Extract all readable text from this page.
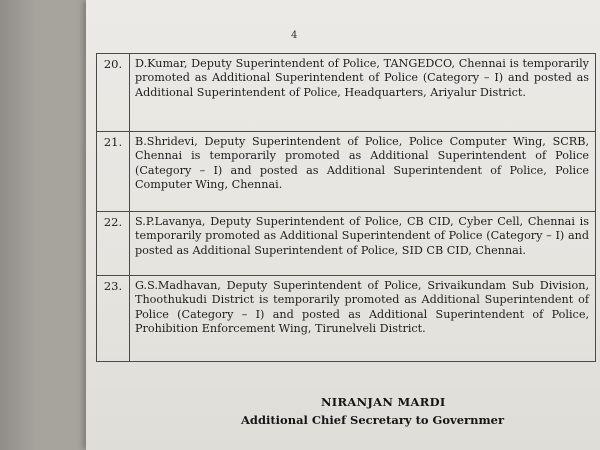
4
20.	D.Kumar, Deputy Superintendent of Police, TANGEDCO, Chennai is temporarily promoted as Additional Superintendent of Police (Category – I) and posted as Additional Superintendent of Police, Headquarters, Ariyalur District.
21.	B.Shridevi, Deputy Superintendent of Police, Police Computer Wing, SCRB, Chennai is temporarily promoted as Additional Superintendent of Police (Category – I) and posted as Additional Superintendent of Police, Police Computer Wing, Chennai.
22.	S.P.Lavanya, Deputy Superintendent of Police, CB CID, Cyber Cell, Chennai is temporarily promoted as Additional Superintendent of Police (Category – I) and posted as Additional Superintendent of Police, SID CB CID, Chennai.
23.	G.S.Madhavan, Deputy Superintendent of Police, Srivaikundam Sub Division, Thoothukudi District is temporarily promoted as Additional Superintendent of Police (Category – I) and posted as Additional Superintendent of Police, Prohibition Enforcement Wing, Tirunelveli District.
NIRANJAN MARDI
Additional Chief Secretary to Governmer
